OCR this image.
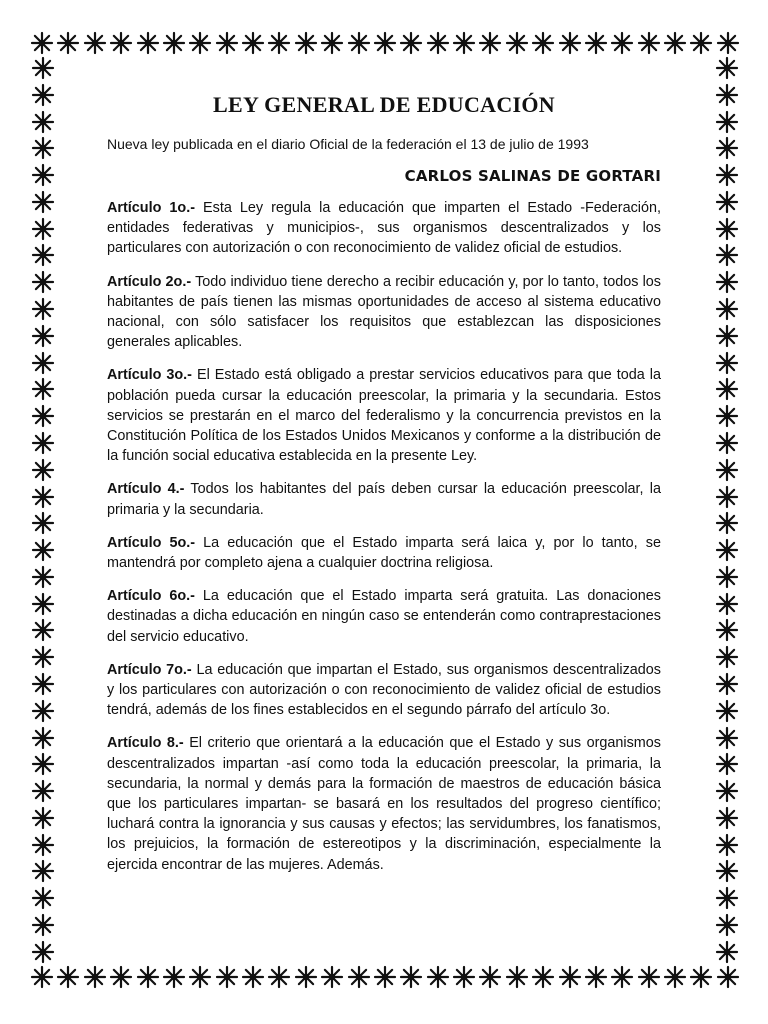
LEY GENERAL DE EDUCACIÓN
Nueva ley publicada en el diario Oficial de la federación el 13 de julio de 1993
CARLOS SALINAS DE GORTARI
Artículo 1o.- Esta Ley regula la educación que imparten el Estado -Federación, entidades federativas y municipios-, sus organismos descentralizados y los particulares con autorización o con reconocimiento de validez oficial de estudios.
Artículo 2o.- Todo individuo tiene derecho a recibir educación y, por lo tanto, todos los habitantes de país tienen las mismas oportunidades de acceso al sistema educativo nacional, con sólo satisfacer los requisitos que establezcan las disposiciones generales aplicables.
Artículo 3o.- El Estado está obligado a prestar servicios educativos para que toda la población pueda cursar la educación preescolar, la primaria y la secundaria. Estos servicios se prestarán en el marco del federalismo y la concurrencia previstos en la Constitución Política de los Estados Unidos Mexicanos y conforme a la distribución de la función social educativa establecida en la presente Ley.
Artículo 4.- Todos los habitantes del país deben cursar la educación preescolar, la primaria y la secundaria.
Artículo 5o.- La educación que el Estado imparta será laica y, por lo tanto, se mantendrá por completo ajena a cualquier doctrina religiosa.
Artículo 6o.- La educación que el Estado imparta será gratuita. Las donaciones destinadas a dicha educación en ningún caso se entenderán como contraprestaciones del servicio educativo.
Artículo 7o.- La educación que impartan el Estado, sus organismos descentralizados y los particulares con autorización o con reconocimiento de validez oficial de estudios tendrá, además de los fines establecidos en el segundo párrafo del artículo 3o.
Artículo 8.- El criterio que orientará a la educación que el Estado y sus organismos descentralizados impartan -así como toda la educación preescolar, la primaria, la secundaria, la normal y demás para la formación de maestros de educación básica que los particulares impartan- se basará en los resultados del progreso científico; luchará contra la ignorancia y sus causas y efectos; las servidumbres, los fanatismos, los prejuicios, la formación de estereotipos y la discriminación, especialmente la ejercida encontrar de las mujeres. Además.
